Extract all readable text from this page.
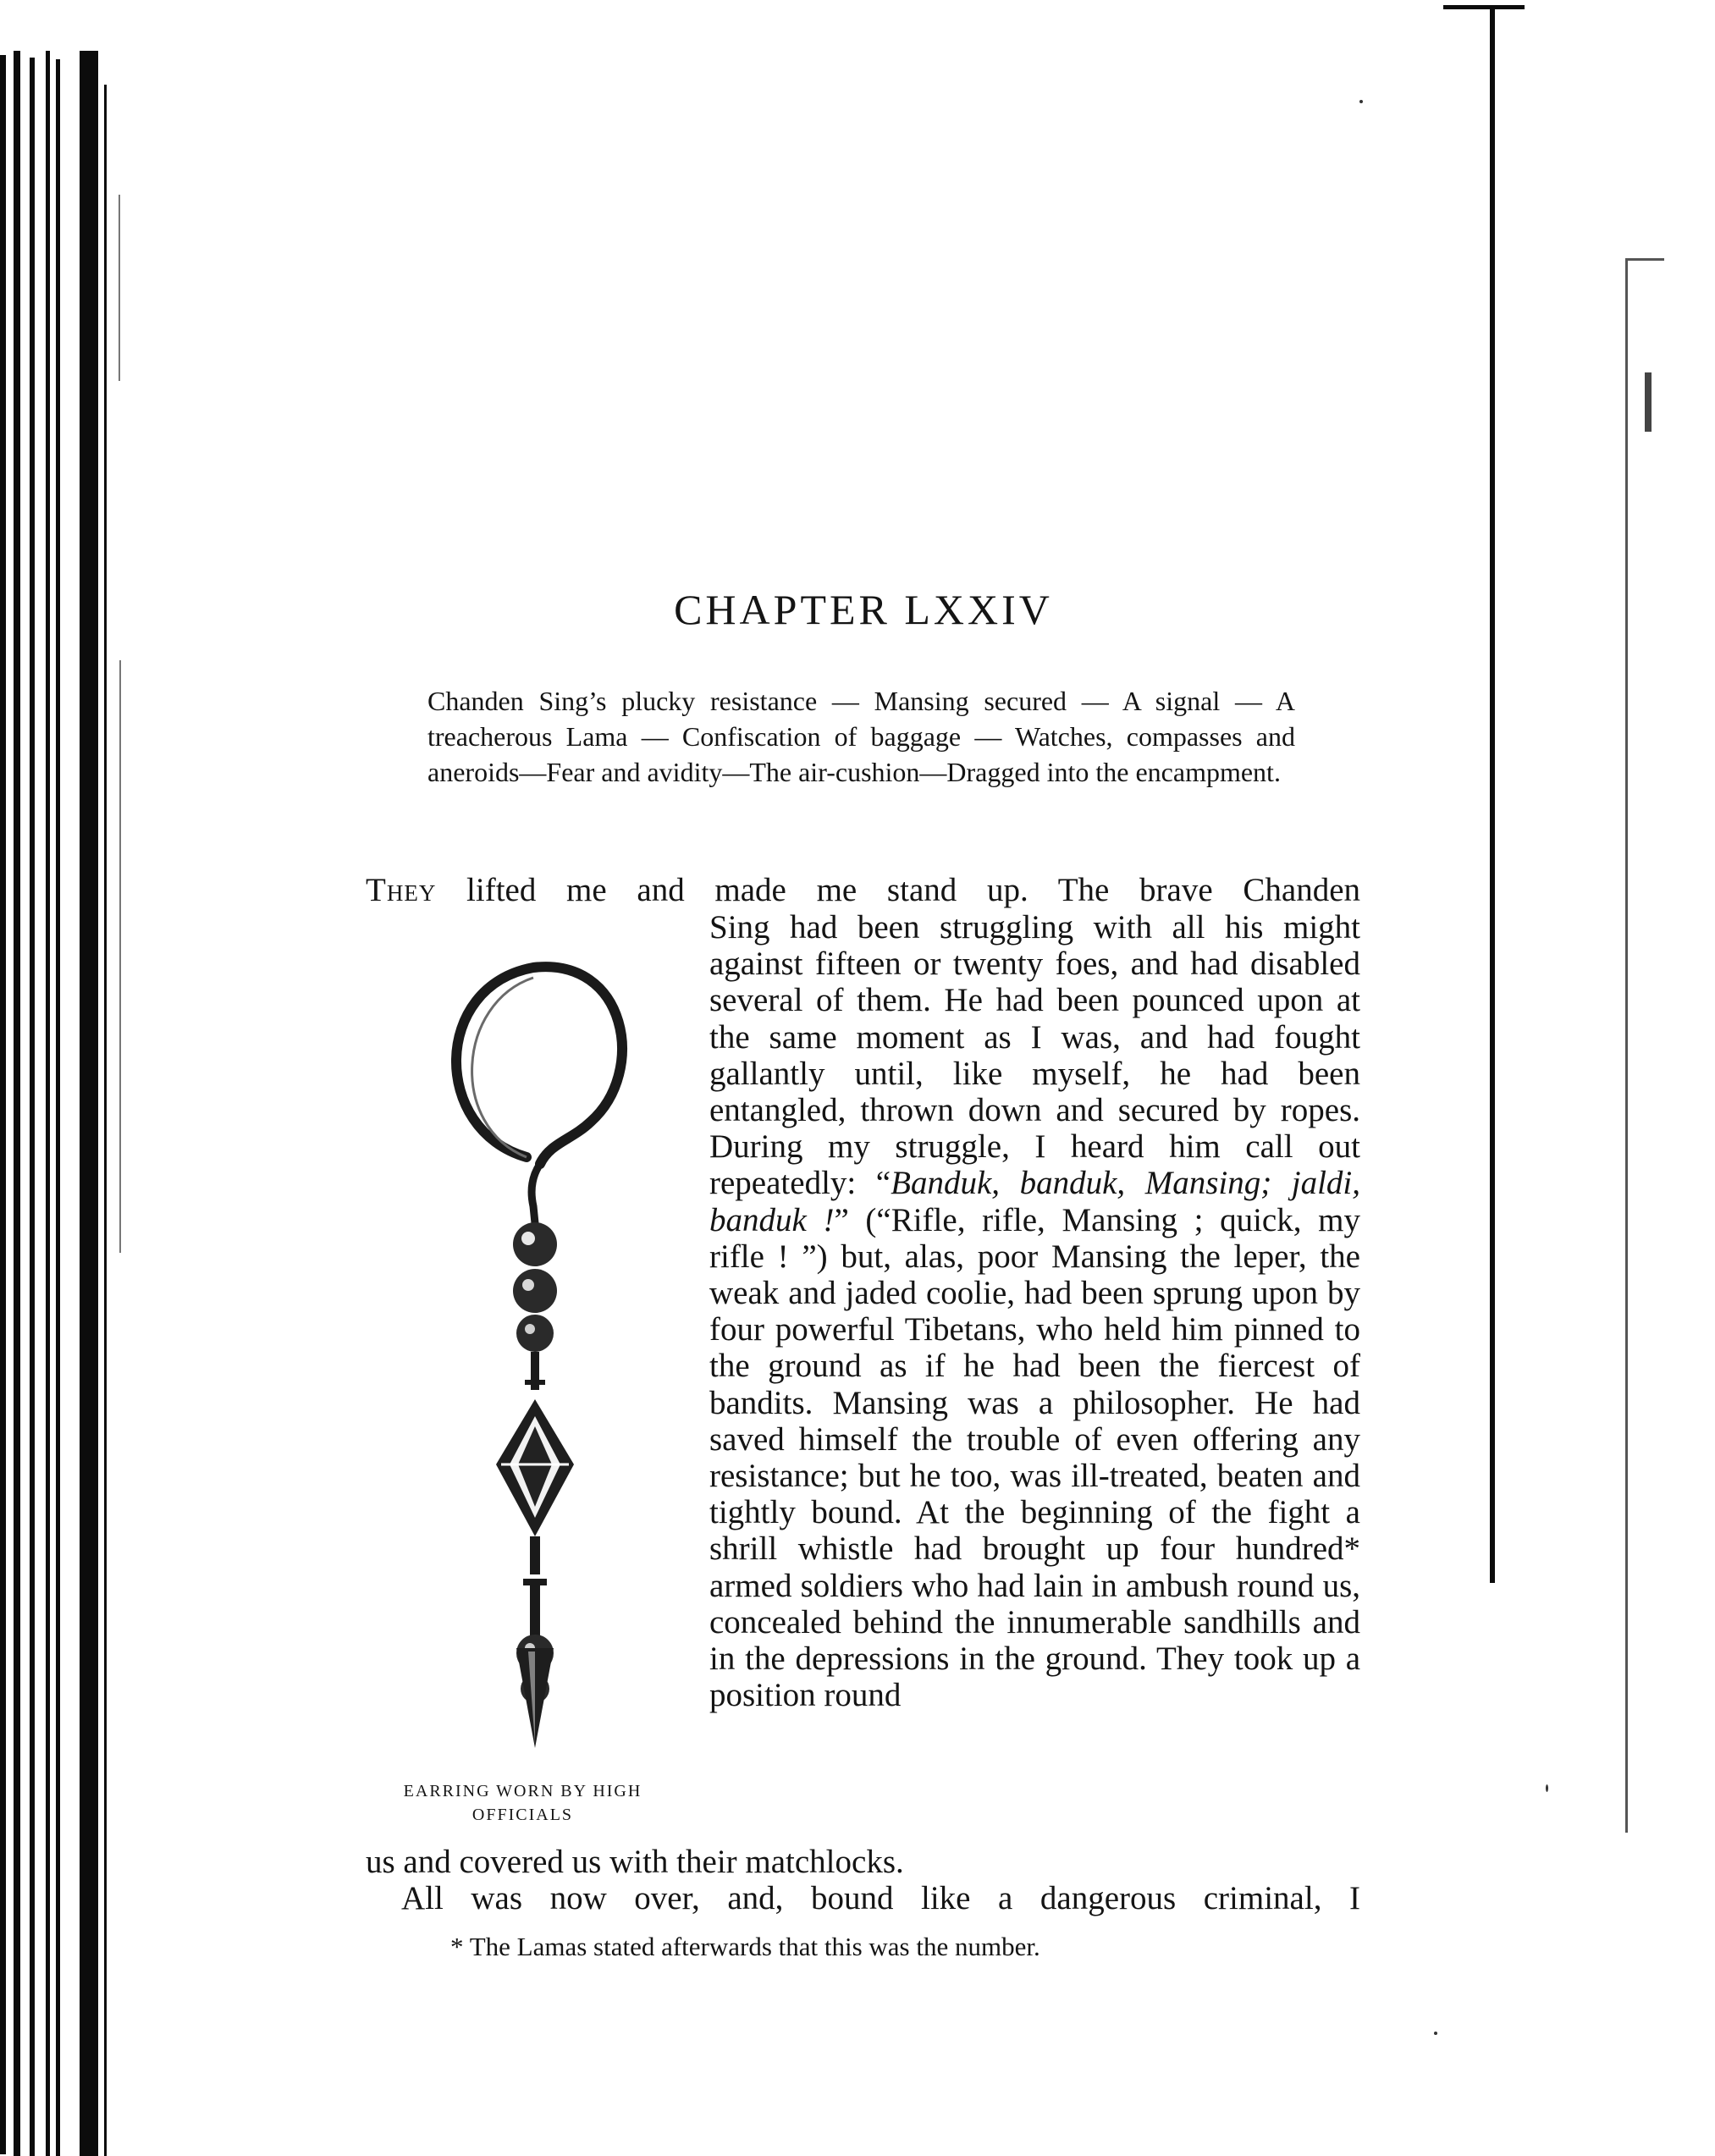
CHAPTER LXXIV
Chanden Sing’s plucky resistance — Mansing secured — A signal — A treacherous Lama — Confiscation of baggage — Watches, compasses and aneroids—Fear and avidity—The air-cushion—Dragged into the encampment.
They lifted me and made me stand up. The brave Chanden
Sing had been struggling with all his might against fifteen or twenty foes, and had disabled several of them. He had been pounced upon at the same moment as I was, and had fought gallantly until, like myself, he had been entangled, thrown down and secured by ropes. During my struggle, I heard him call out repeatedly: “Banduk, banduk, Mansing; jaldi, banduk !” (“Rifle, rifle, Mansing ; quick, my rifle ! ”) but, alas, poor Mansing the leper, the weak and jaded coolie, had been sprung upon by four powerful Tibetans, who held him pinned to the ground as if he had been the fiercest of bandits. Mansing was a philosopher. He had saved himself the trouble of even offering any resistance; but he too, was ill-treated, beaten and tightly bound. At the beginning of the fight a shrill whistle had brought up four hundred* armed soldiers who had lain in ambush round us, concealed behind the innumerable sandhills and in the depressions in the ground. They took up a position round
EARRING WORN BY HIGH
OFFICIALS
us and covered us with their matchlocks.
All was now over, and, bound like a dangerous criminal, I
* The Lamas stated afterwards that this was the number.
